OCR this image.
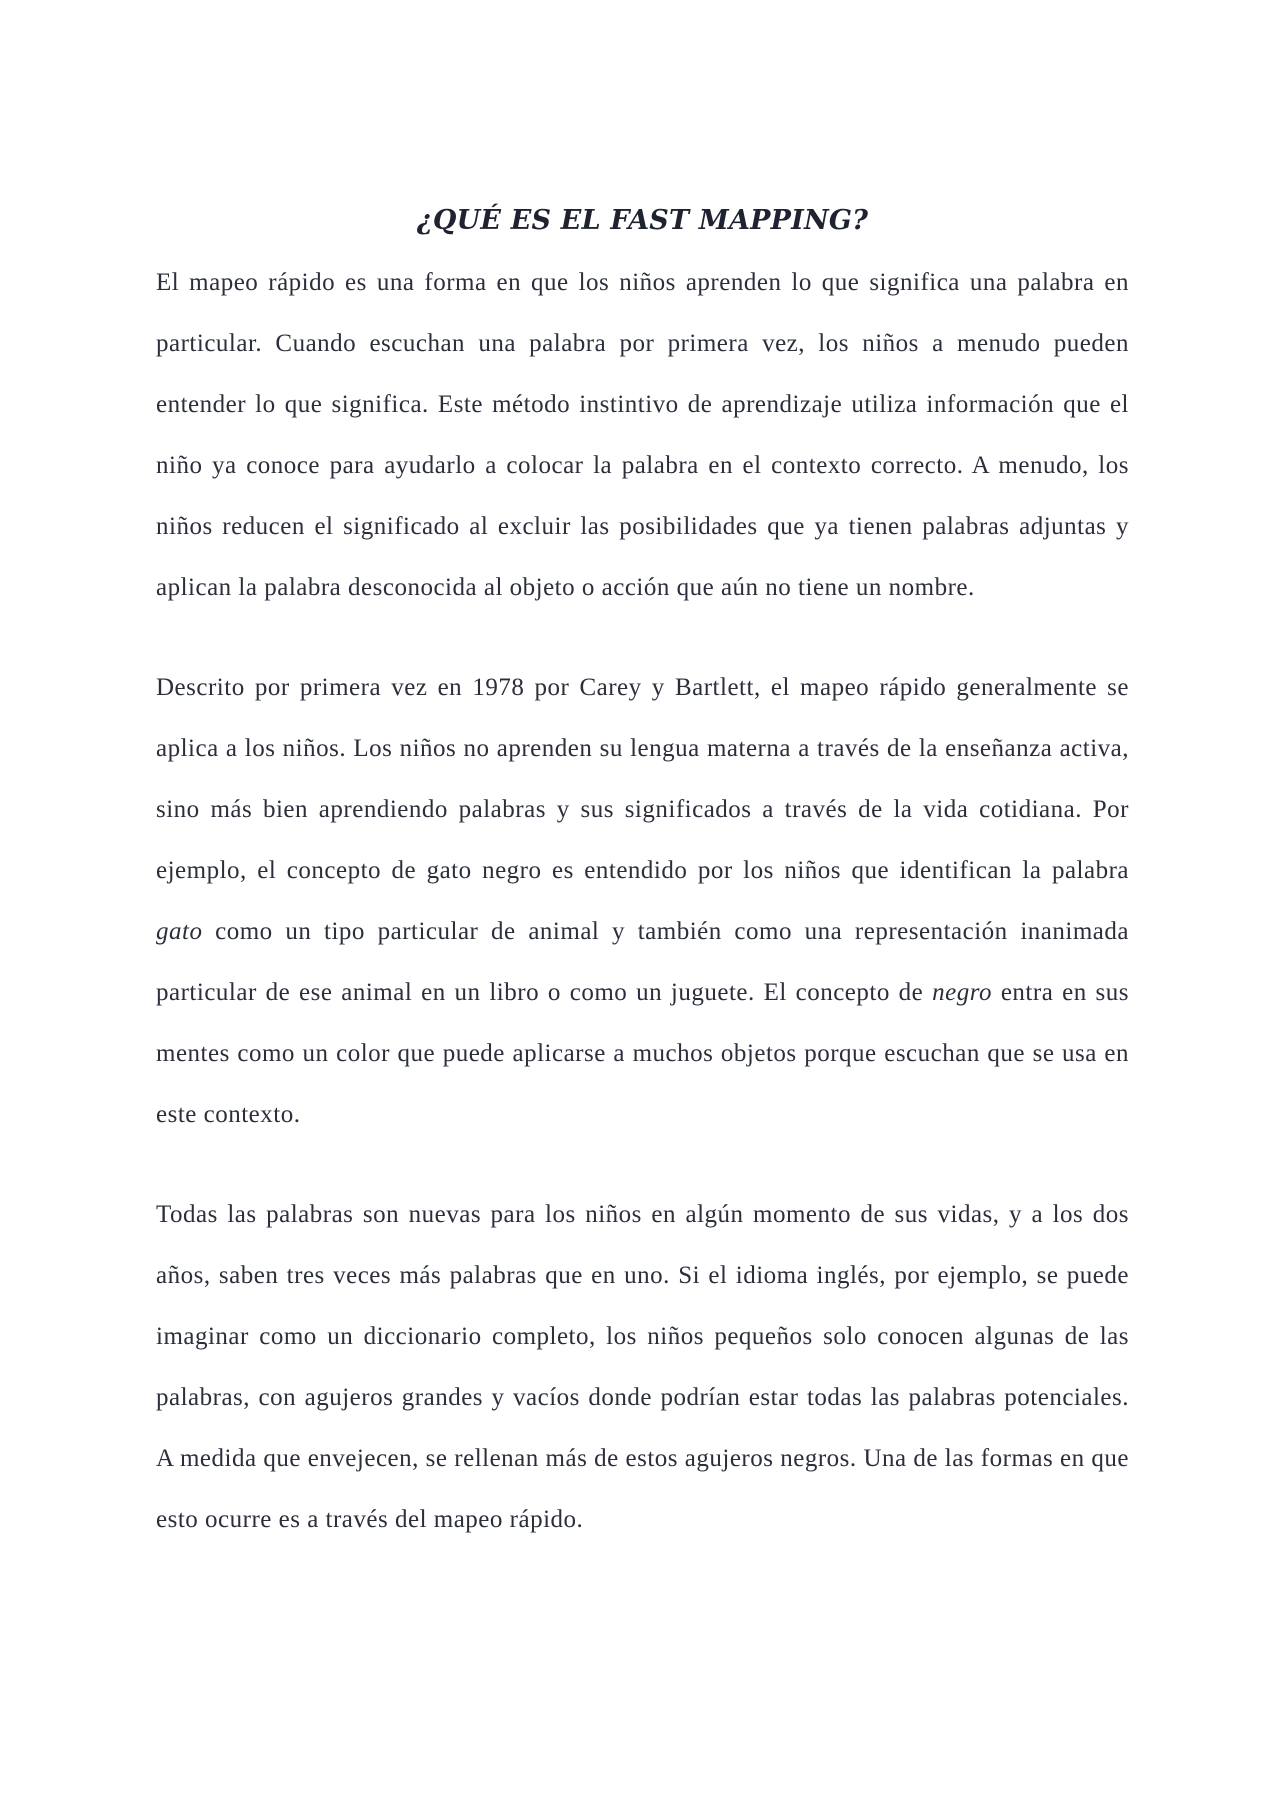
¿QUÉ ES EL FAST MAPPING?

El mapeo rápido es una forma en que los niños aprenden lo que significa una palabra en particular. Cuando escuchan una palabra por primera vez, los niños a menudo pueden entender lo que significa. Este método instintivo de aprendizaje utiliza información que el niño ya conoce para ayudarlo a colocar la palabra en el contexto correcto. A menudo, los niños reducen el significado al excluir las posibilidades que ya tienen palabras adjuntas y aplican la palabra desconocida al objeto o acción que aún no tiene un nombre.

Descrito por primera vez en 1978 por Carey y Bartlett, el mapeo rápido generalmente se aplica a los niños. Los niños no aprenden su lengua materna a través de la enseñanza activa, sino más bien aprendiendo palabras y sus significados a través de la vida cotidiana. Por ejemplo, el concepto de gato negro es entendido por los niños que identifican la palabra gato como un tipo particular de animal y también como una representación inanimada particular de ese animal en un libro o como un juguete. El concepto de negro entra en sus mentes como un color que puede aplicarse a muchos objetos porque escuchan que se usa en este contexto.

Todas las palabras son nuevas para los niños en algún momento de sus vidas, y a los dos años, saben tres veces más palabras que en uno. Si el idioma inglés, por ejemplo, se puede imaginar como un diccionario completo, los niños pequeños solo conocen algunas de las palabras, con agujeros grandes y vacíos donde podrían estar todas las palabras potenciales. A medida que envejecen, se rellenan más de estos agujeros negros. Una de las formas en que esto ocurre es a través del mapeo rápido.
